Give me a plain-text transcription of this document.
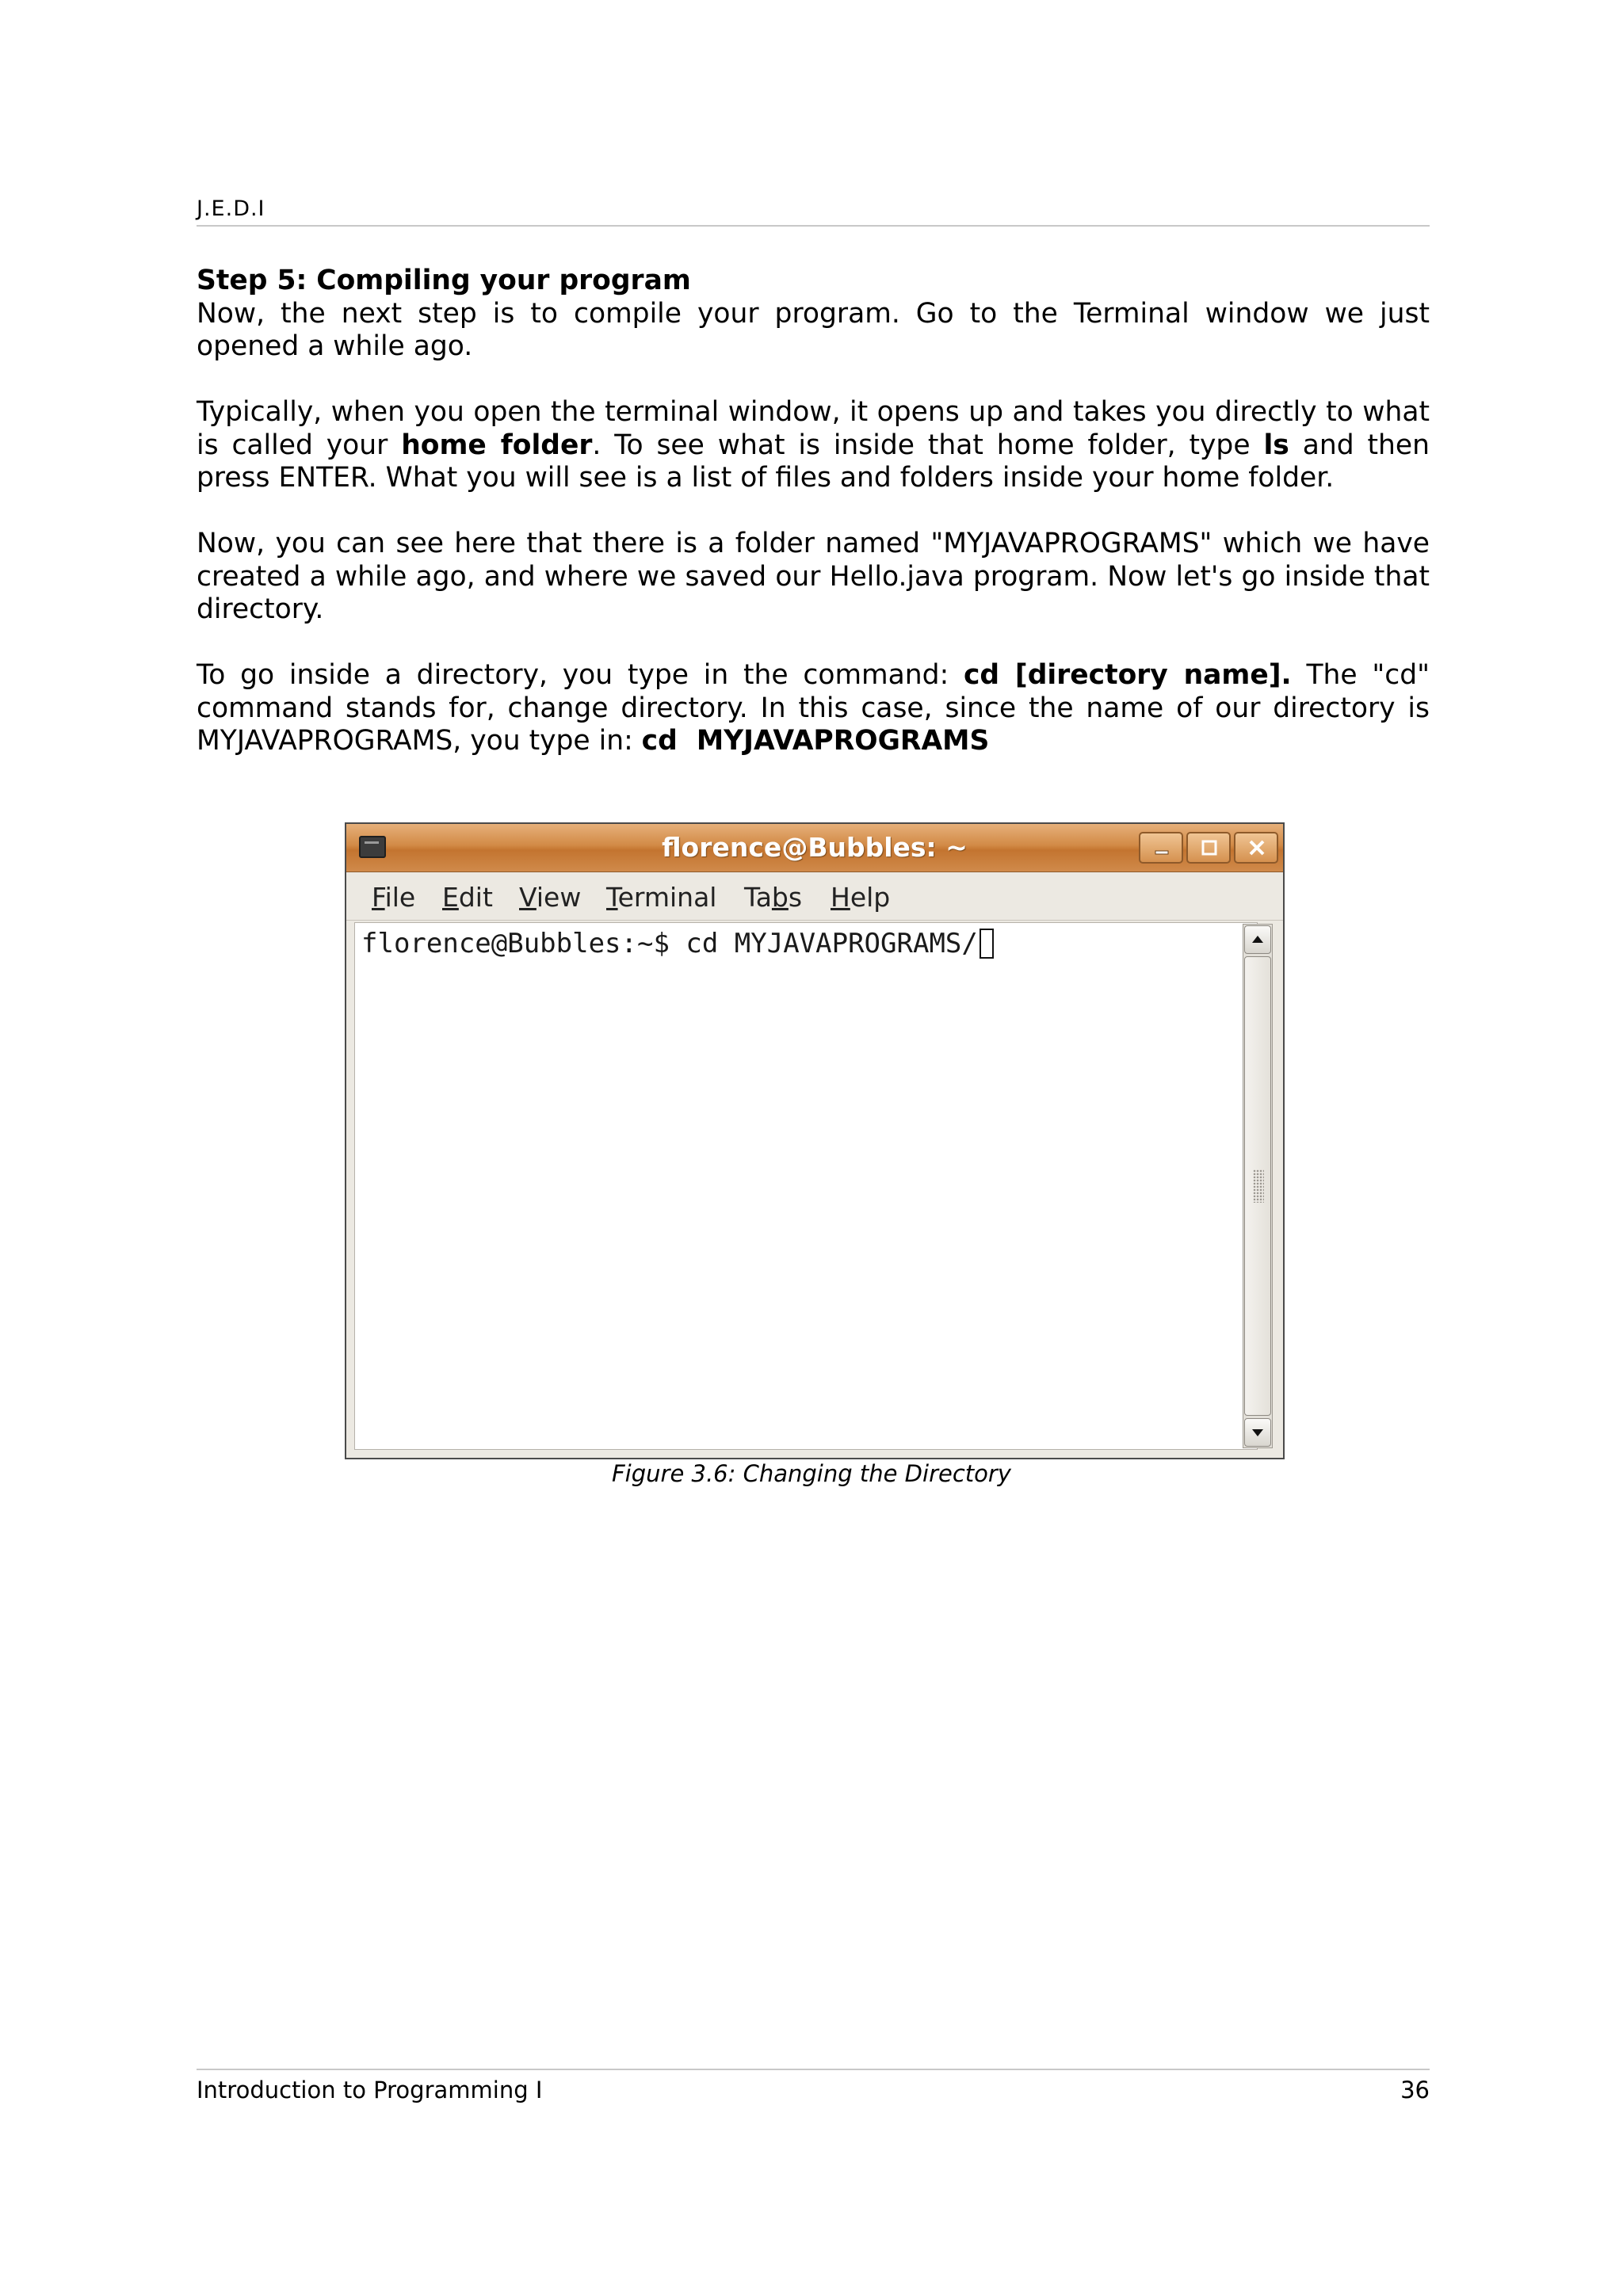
J.E.D.I
Step 5: Compiling your program

Now, the next step is to compile your program. Go to the Terminal window we just opened a while ago.

Typically, when you open the terminal window, it opens up and takes you directly to what is called your home folder. To see what is inside that home folder, type ls and then press ENTER. What you will see is a list of files and folders inside your home folder.

Now, you can see here that there is a folder named "MYJAVAPROGRAMS" which we have created a while ago, and where we saved our Hello.java program. Now let's go inside that directory.

To go inside a directory, you type in the command: cd [directory name]. The "cd" command stands for, change directory. In this case, since the name of our directory is MYJAVAPROGRAMS, you type in: cd  MYJAVAPROGRAMS

florence@Bubbles: ~
File Edit View Terminal Tabs Help
florence@Bubbles:~$ cd MYJAVAPROGRAMS/
Figure 3.6: Changing the Directory
Introduction to Programming I	36
